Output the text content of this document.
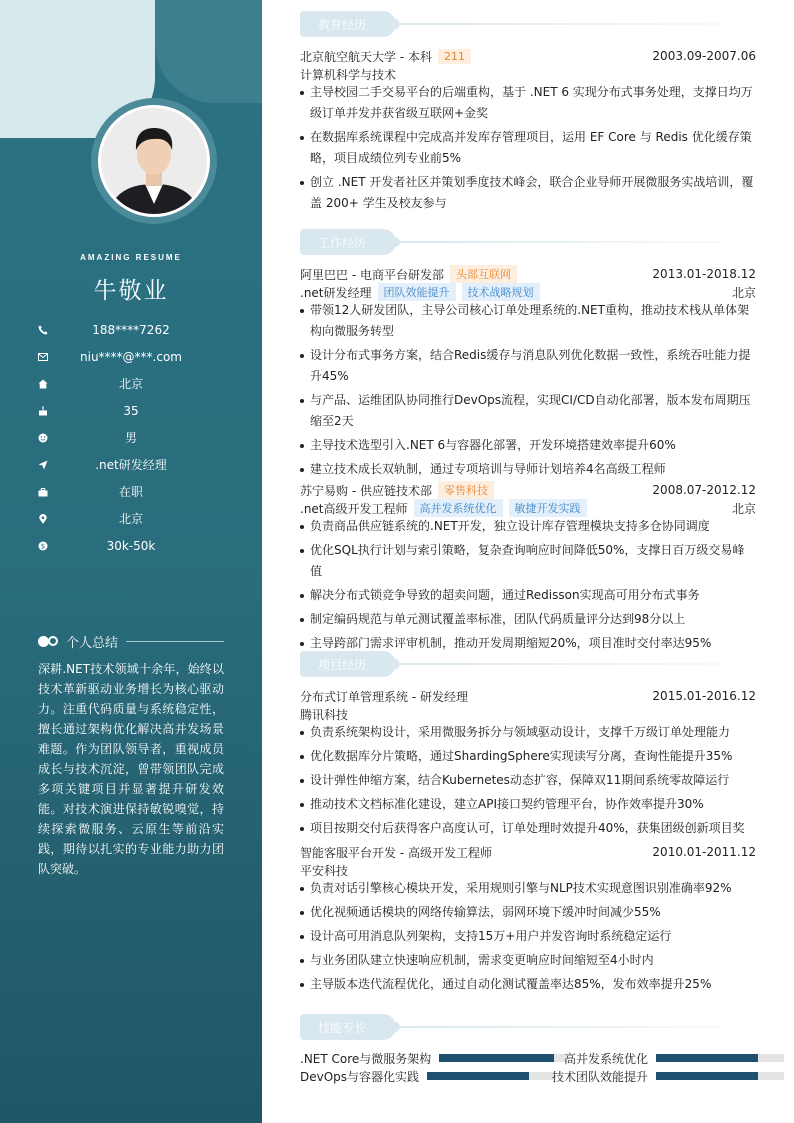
AMAZING RESUME
牛敬业
188****7262
niu****@***.com
北京
35
男
.net研发经理
在职
北京
$	30k-50k
个人总结
深耕.NET技术领域十余年，始终以技术革新驱动业务增长为核心驱动力。注重代码质量与系统稳定性，擅长通过架构优化解决高并发场景难题。作为团队领导者，重视成员成长与技术沉淀，曾带领团队完成多项关键项目并显著提升研发效能。对技术演进保持敏锐嗅觉，持续探索微服务、云原生等前沿实践，期待以扎实的专业能力助力团队突破。
教育经历
北京航空航天大学 - 本科	211	2003.09-2007.06
计算机科学与技术
主导校园二手交易平台的后端重构，基于 .NET 6 实现分布式事务处理，支撑日均万级订单并发并获省级互联网+金奖
在数据库系统课程中完成高并发库存管理项目，运用 EF Core 与 Redis 优化缓存策略，项目成绩位列专业前5%
创立 .NET 开发者社区并策划季度技术峰会，联合企业导师开展微服务实战培训，覆盖 200+ 学生及校友参与
工作经历
阿里巴巴 - 电商平台研发部	头部互联网	2013.01-2018.12
.net研发经理	团队效能提升	技术战略规划	北京
带领12人研发团队，主导公司核心订单处理系统的.NET重构，推动技术栈从单体架构向微服务转型
设计分布式事务方案，结合Redis缓存与消息队列优化数据一致性，系统吞吐能力提升45%
与产品、运维团队协同推行DevOps流程，实现CI/CD自动化部署，版本发布周期压缩至2天
主导技术选型引入.NET 6与容器化部署，开发环境搭建效率提升60%
建立技术成长双轨制，通过专项培训与导师计划培养4名高级工程师
苏宁易购 - 供应链技术部	零售科技	2008.07-2012.12
.net高级开发工程师	高并发系统优化	敏捷开发实践	北京
负责商品供应链系统的.NET开发，独立设计库存管理模块支持多仓协同调度
优化SQL执行计划与索引策略，复杂查询响应时间降低50%，支撑日百万级交易峰值
解决分布式锁竞争导致的超卖问题，通过Redisson实现高可用分布式事务
制定编码规范与单元测试覆盖率标准，团队代码质量评分达到98分以上
主导跨部门需求评审机制，推动开发周期缩短20%，项目准时交付率达95%
项目经历
分布式订单管理系统 - 研发经理	2015.01-2016.12
腾讯科技
负责系统架构设计，采用微服务拆分与领域驱动设计，支撑千万级订单处理能力
优化数据库分片策略，通过ShardingSphere实现读写分离，查询性能提升35%
设计弹性伸缩方案，结合Kubernetes动态扩容，保障双11期间系统零故障运行
推动技术文档标准化建设，建立API接口契约管理平台，协作效率提升30%
项目按期交付后获得客户高度认可，订单处理时效提升40%，获集团级创新项目奖
智能客服平台开发 - 高级开发工程师	2010.01-2011.12
平安科技
负责对话引擎核心模块开发，采用规则引擎与NLP技术实现意图识别准确率92%
优化视频通话模块的网络传输算法，弱网环境下缓冲时间减少55%
设计高可用消息队列架构，支持15万+用户并发咨询时系统稳定运行
与业务团队建立快速响应机制，需求变更响应时间缩短至4小时内
主导版本迭代流程优化，通过自动化测试覆盖率达85%，发布效率提升25%
技能专长
.NET Core与微服务架构	高并发系统优化
DevOps与容器化实践	技术团队效能提升
